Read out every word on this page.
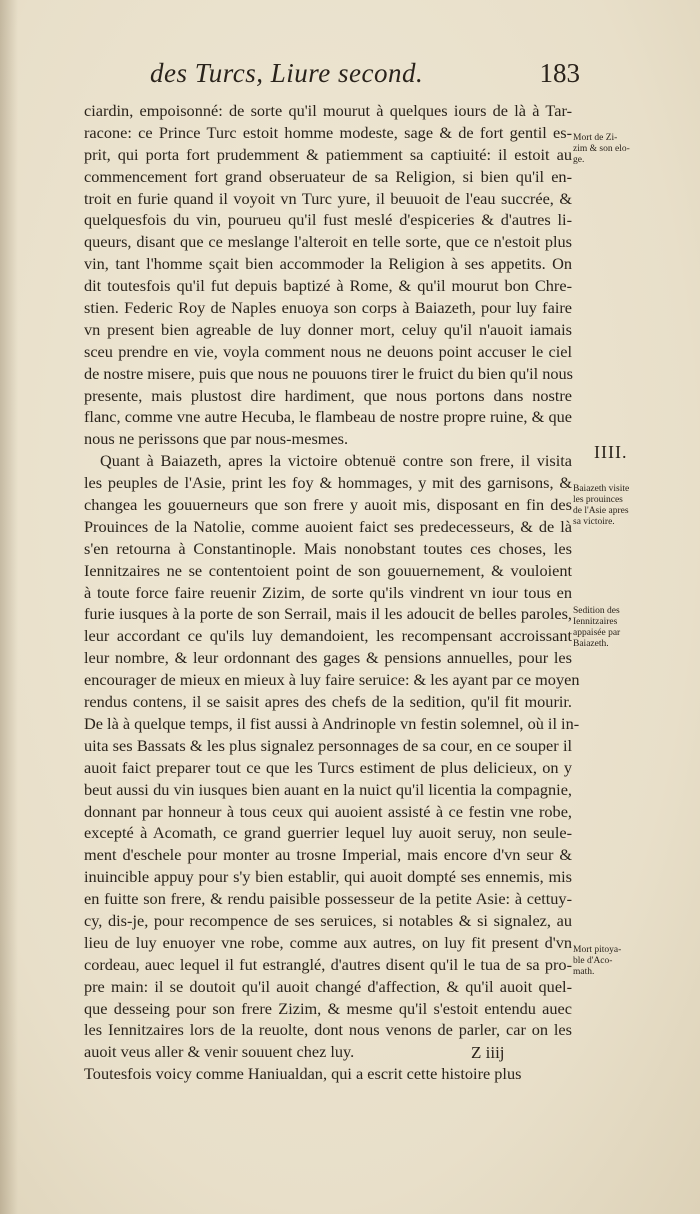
des Turcs, Liure second.	183
ciardin, empoisonné: de sorte qu'il mourut à quelques iours de là à Tar-
racone: ce Prince Turc estoit homme modeste, sage & de fort gentil es-
prit, qui porta fort prudemment & patiemment sa captiuité: il estoit au
commencement fort grand obseruateur de sa Religion, si bien qu'il en-
troit en furie quand il voyoit vn Turc yure, il beuuoit de l'eau succrée, &
quelquesfois du vin, pourueu qu'il fust meslé d'espiceries & d'autres li-
queurs, disant que ce meslange l'alteroit en telle sorte, que ce n'estoit plus
vin, tant l'homme sçait bien accommoder la Religion à ses appetits. On
dit toutesfois qu'il fut depuis baptizé à Rome, & qu'il mourut bon Chre-
stien. Federic Roy de Naples enuoya son corps à Baiazeth, pour luy faire
vn present bien agreable de luy donner mort, celuy qu'il n'auoit iamais
sceu prendre en vie, voyla comment nous ne deuons point accuser le ciel
de nostre misere, puis que nous ne pouuons tirer le fruict du bien qu'il nous
presente, mais plustost dire hardiment, que nous portons dans nostre
flanc, comme vne autre Hecuba, le flambeau de nostre propre ruine, & que
nous ne perissons que par nous-mesmes.
Quant à Baiazeth, apres la victoire obtenuë contre son frere, il visita
les peuples de l'Asie, print les foy & hommages, y mit des garnisons, &
changea les gouuerneurs que son frere y auoit mis, disposant en fin des
Prouinces de la Natolie, comme auoient faict ses predecesseurs, & de là
s'en retourna à Constantinople. Mais nonobstant toutes ces choses, les
Iennitzaires ne se contentoient point de son gouuernement, & vouloient
à toute force faire reuenir Zizim, de sorte qu'ils vindrent vn iour tous en
furie iusques à la porte de son Serrail, mais il les adoucit de belles paroles,
leur accordant ce qu'ils luy demandoient, les recompensant accroissant
leur nombre, & leur ordonnant des gages & pensions annuelles, pour les
encourager de mieux en mieux à luy faire seruice: & les ayant par ce moyen
rendus contens, il se saisit apres des chefs de la sedition, qu'il fit mourir.
De là à quelque temps, il fist aussi à Andrinople vn festin solemnel, où il in-
uita ses Bassats & les plus signalez personnages de sa cour, en ce souper il
auoit faict preparer tout ce que les Turcs estiment de plus delicieux, on y
beut aussi du vin iusques bien auant en la nuict qu'il licentia la compagnie,
donnant par honneur à tous ceux qui auoient assisté à ce festin vne robe,
excepté à Acomath, ce grand guerrier lequel luy auoit seruy, non seule-
ment d'eschele pour monter au trosne Imperial, mais encore d'vn seur &
inuincible appuy pour s'y bien establir, qui auoit dompté ses ennemis, mis
en fuitte son frere, & rendu paisible possesseur de la petite Asie: à cettuy-
cy, dis-je, pour recompence de ses seruices, si notables & si signalez, au
lieu de luy enuoyer vne robe, comme aux autres, on luy fit present d'vn
cordeau, auec lequel il fut estranglé, d'autres disent qu'il le tua de sa pro-
pre main: il se doutoit qu'il auoit changé d'affection, & qu'il auoit quel-
que desseing pour son frere Zizim, & mesme qu'il s'estoit entendu auec
les Iennitzaires lors de la reuolte, dont nous venons de parler, car on les
auoit veus aller & venir souuent chez luy.
Toutesfois voicy comme Haniualdan, qui a escrit cette histoire plus
IIII.
Mort de Zi-
zim & son elo-
ge.
Baiazeth visite
les prouinces
de l'Asie apres
sa victoire.
Sedition des
Iennitzaires
appaisée par
Baiazeth.
Mort pitoya-
ble d'Aco-
math.
Z iiij
